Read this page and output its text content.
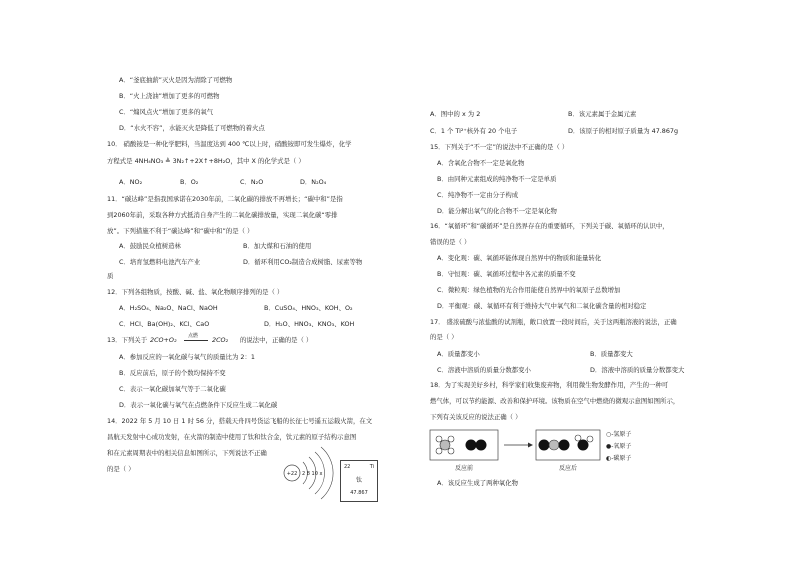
A．“釜底抽薪”灭火是因为清除了可燃物
B．“火上浇油”增加了更多的可燃物
C．“煽风点火”增加了更多的氧气
D．“水火不容”，水能灭火是降低了可燃物的着火点
10． 硝酸铵是一种化学肥料，当温度达到 400 ℃以上时，硝酸铵即可发生爆炸，化学
方程式是 4NH₄NO₃ ≜ 3N₂↑+2X↑+8H₂O，其中 X 的化学式是（ ）
A．NO₂	B．O₂	C．N₂O	D．N₂O₄
11．“碳达峰”是指我国承诺在2030年前，二氧化碳的排放不再增长；“碳中和”是指
到2060年前，采取各种方式抵消自身产生的二氧化碳排放量，实现二氧化碳“零排
放”。下列措施不利于“碳达峰”和“碳中和”的是（ ）
A．鼓励民众植树造林	B．加大煤和石油的使用
C．培育氢燃料电池汽车产业	D．循环利用CO₂制造合成树脂、尿素等物
质
12．下列各组物质，按酸、碱、盐、氧化物顺序排列的是（ ）
A．H₂SO₄、Na₂O、NaCl、NaOH	B．CuSO₄、HNO₃、KOH、O₂
C．HCl、Ba(OH)₂、KCl、CaO	D．H₂O、HNO₃、KNO₃、KOH
13．下列关于 2CO+O₂ 点燃 2CO₂ 的说法中，正确的是（ ）
A．参加反应的一氧化碳与氧气的质量比为 2：1
B．反应前后，原子的个数均保持不变
C．表示一氧化碳加氧气等于二氧化碳
D．表示一氧化碳与氧气在点燃条件下反应生成二氧化碳
14．2022 年 5 月 10 日 1 时 56 分，搭载天舟四号货运飞船的长征七号遥五运载火箭，在文
昌航天发射中心成功发射，在火箭的制造中使用了钛和钛合金，钛元素的原子结构示意图
和在元素周期表中的相关信息如图所示，下列说法不正确
的是（ ）
+22 2 8 10 x
22	Ti
钛
47.867
A．图中的 x 为 2	B．该元素属于金属元素
C．1 个 Ti²⁺核外有 20 个电子	D．该原子的相对原子质量为 47.867g
15．下列关于“不一定”的说法中不正确的是（ ）
A．含氧化合物不一定是氧化物
B．由同种元素组成的纯净物不一定是单质
C．纯净物不一定由分子构成
D．能分解出氧气的化合物不一定是氧化物
16．“氧循环”和“碳循环”是自然界存在的重要循环，下列关于碳、氧循环的认识中，
错误的是（ ）
A．变化观：碳、氧循环能体现自然界中的物质和能量转化
B．守恒观：碳、氧循环过程中各元素的质量不变
C．微粒观：绿色植物的光合作用能使自然界中的氧原子总数增加
D．平衡观：碳、氧循环有利于维持大气中氧气和二氧化碳含量的相对稳定
17． 盛浓硫酸与浓盐酸的试剂瓶，敞口放置一段时间后，关于这两瓶溶液的说法，正确
的是（ ）
A．质量都变小	B．质量都变大
C．溶液中溶质的质量分数都变小	D．溶液中溶质的质量分数都变大
18．为了实现美好乡村，科学家们收集废弃物，利用微生物发酵作用，产生的一种可
燃气体，可以节约能源、改善和保护环境。该物质在空气中燃烧的微观示意图如图所示，
下列有关该反应的说法正确（ ）
反应前	反应后
○-氢原子
●-氧原子
◐-碳原子
A．该反应生成了两种氧化物
